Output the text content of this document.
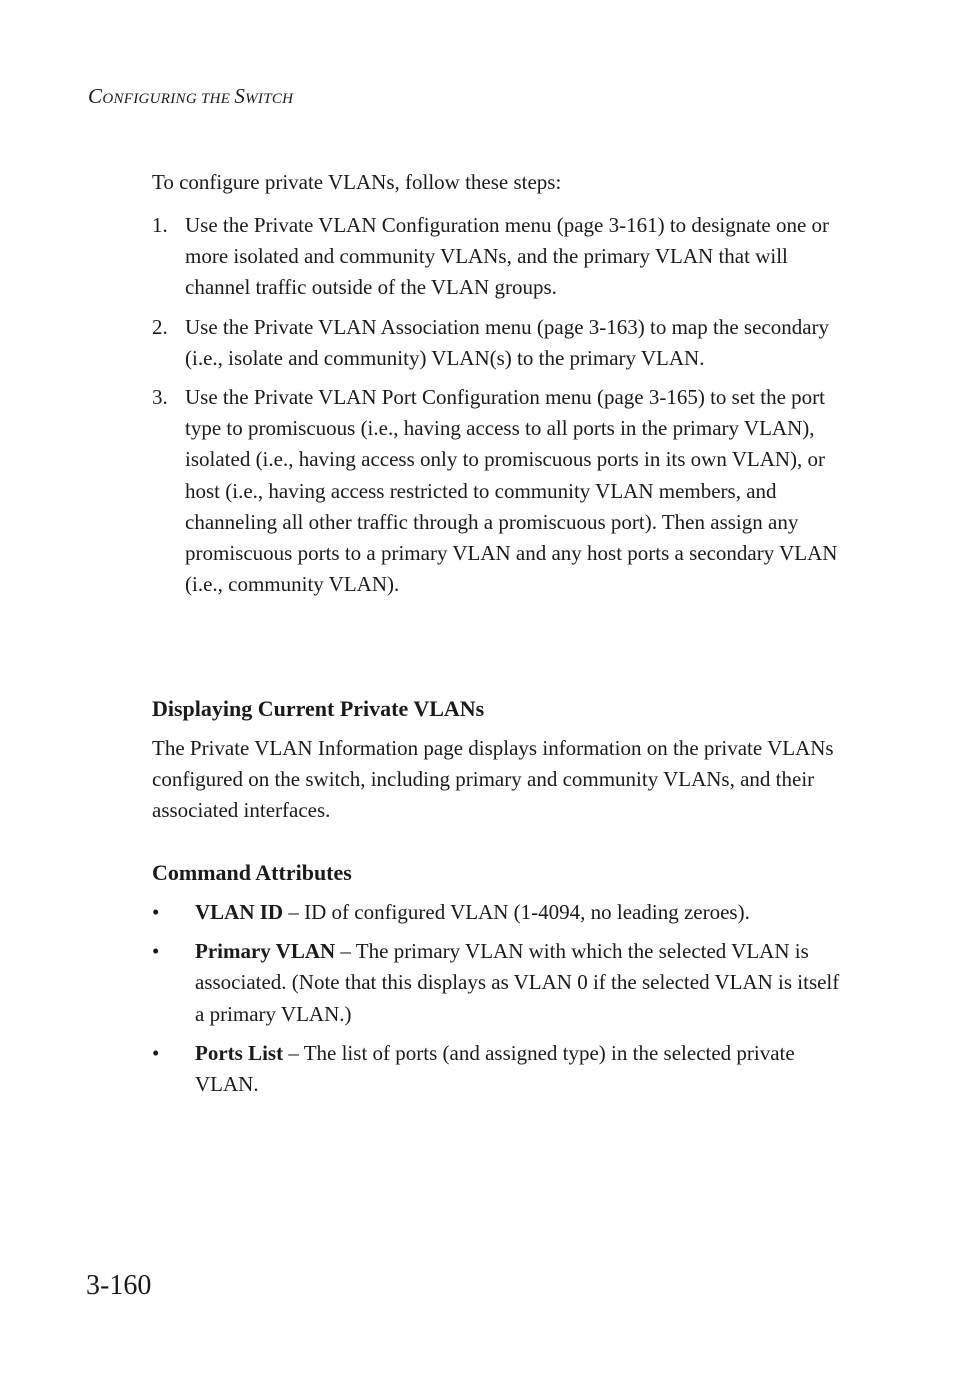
CONFIGURING THE SWITCH
To configure private VLANs, follow these steps:
1. Use the Private VLAN Configuration menu (page 3-161) to designate one or more isolated and community VLANs, and the primary VLAN that will channel traffic outside of the VLAN groups.
2. Use the Private VLAN Association menu (page 3-163) to map the secondary (i.e., isolate and community) VLAN(s) to the primary VLAN.
3. Use the Private VLAN Port Configuration menu (page 3-165) to set the port type to promiscuous (i.e., having access to all ports in the primary VLAN), isolated (i.e., having access only to promiscuous ports in its own VLAN), or host (i.e., having access restricted to community VLAN members, and channeling all other traffic through a promiscuous port). Then assign any promiscuous ports to a primary VLAN and any host ports a secondary VLAN (i.e., community VLAN).
Displaying Current Private VLANs
The Private VLAN Information page displays information on the private VLANs configured on the switch, including primary and community VLANs, and their associated interfaces.
Command Attributes
• VLAN ID – ID of configured VLAN (1-4094, no leading zeroes).
• Primary VLAN – The primary VLAN with which the selected VLAN is associated. (Note that this displays as VLAN 0 if the selected VLAN is itself a primary VLAN.)
• Ports List – The list of ports (and assigned type) in the selected private VLAN.
3-160
